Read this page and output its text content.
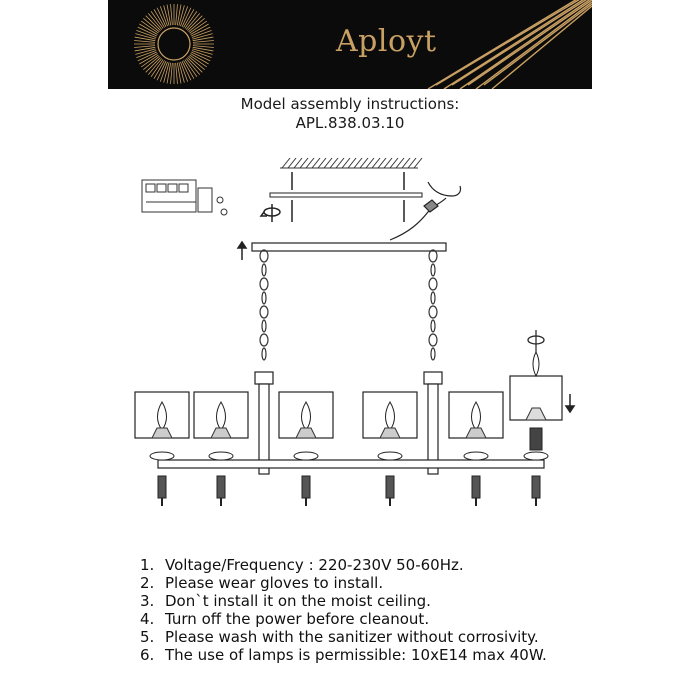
Aployt
Model assembly instructions:
APL.838.03.10
1. Voltage/Frequency : 220-230V 50-60Hz.
2. Please wear gloves to install.
3. Don`t install it on the moist ceiling.
4. Turn off the power before cleanout.
5. Please wash with the sanitizer without corrosivity.
6. The use of lamps is permissible: 10xE14 max 40W.
